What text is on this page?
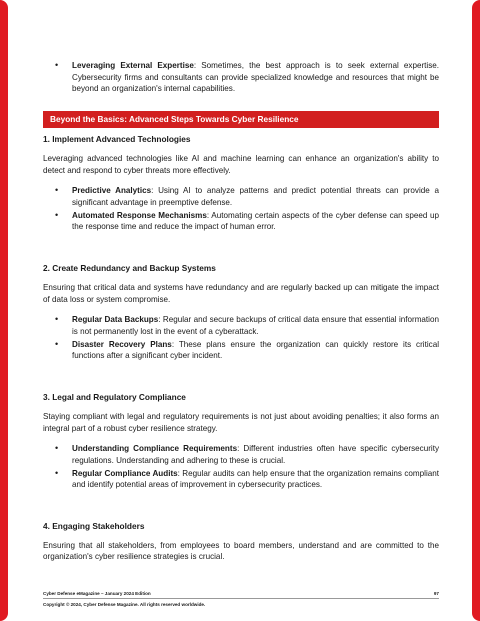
• Leveraging External Expertise: Sometimes, the best approach is to seek external expertise. Cybersecurity firms and consultants can provide specialized knowledge and resources that might be beyond an organization's internal capabilities.
Beyond the Basics: Advanced Steps Towards Cyber Resilience
1. Implement Advanced Technologies
Leveraging advanced technologies like AI and machine learning can enhance an organization's ability to detect and respond to cyber threats more effectively.
• Predictive Analytics: Using AI to analyze patterns and predict potential threats can provide a significant advantage in preemptive defense.
• Automated Response Mechanisms: Automating certain aspects of the cyber defense can speed up the response time and reduce the impact of human error.
2. Create Redundancy and Backup Systems
Ensuring that critical data and systems have redundancy and are regularly backed up can mitigate the impact of data loss or system compromise.
• Regular Data Backups: Regular and secure backups of critical data ensure that essential information is not permanently lost in the event of a cyberattack.
• Disaster Recovery Plans: These plans ensure the organization can quickly restore its critical functions after a significant cyber incident.
3. Legal and Regulatory Compliance
Staying compliant with legal and regulatory requirements is not just about avoiding penalties; it also forms an integral part of a robust cyber resilience strategy.
• Understanding Compliance Requirements: Different industries often have specific cybersecurity regulations. Understanding and adhering to these is crucial.
• Regular Compliance Audits: Regular audits can help ensure that the organization remains compliant and identify potential areas of improvement in cybersecurity practices.
4. Engaging Stakeholders
Ensuring that all stakeholders, from employees to board members, understand and are committed to the organization's cyber resilience strategies is crucial.
Cyber Defense eMagazine – January 2024 Edition	97
Copyright © 2024, Cyber Defense Magazine. All rights reserved worldwide.
